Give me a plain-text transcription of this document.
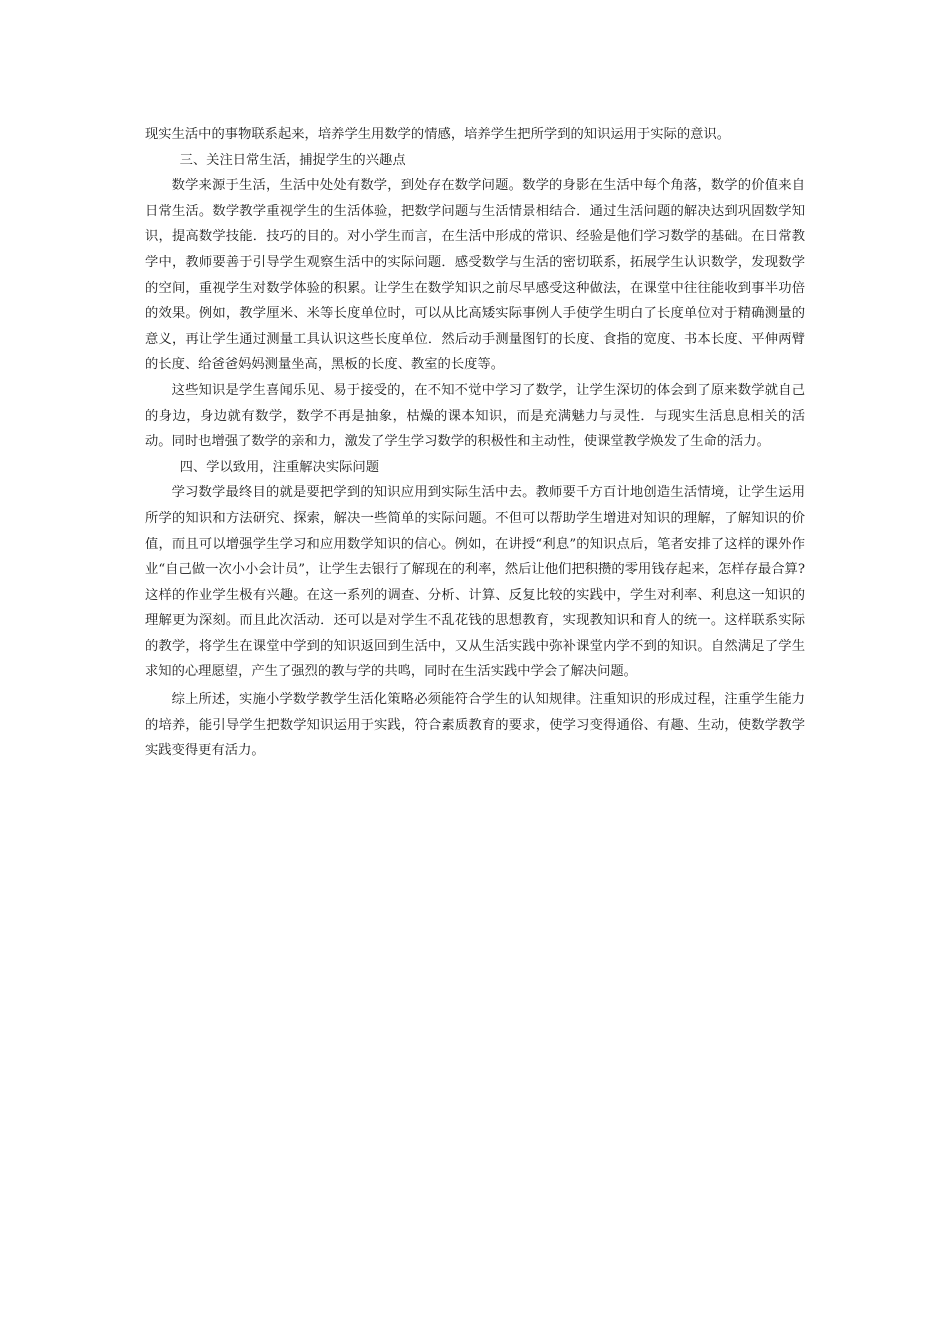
现实生活中的事物联系起来，培养学生用数学的情感，培养学生把所学到的知识运用于实际的意识。

三、关注日常生活，捕捉学生的兴趣点

数学来源于生活，生活中处处有数学，到处存在数学问题。数学的身影在生活中每个角落，数学的价值来自日常生活。数学教学重视学生的生活体验，把数学问题与生活情景相结合．通过生活问题的解决达到巩固数学知识，提高数学技能．技巧的目的。对小学生而言，在生活中形成的常识、经验是他们学习数学的基础。在日常教学中，教师要善于引导学生观察生活中的实际问题．感受数学与生活的密切联系，拓展学生认识数学，发现数学的空间，重视学生对数学体验的积累。让学生在数学知识之前尽早感受这种做法，在课堂中往往能收到事半功倍的效果。例如，教学厘米、米等长度单位时，可以从比高矮实际事例人手使学生明白了长度单位对于精确测量的意义，再让学生通过测量工具认识这些长度单位．然后动手测量图钉的长度、食指的宽度、书本长度、平伸两臂的长度、给爸爸妈妈测量坐高，黑板的长度、教室的长度等。

这些知识是学生喜闻乐见、易于接受的，在不知不觉中学习了数学，让学生深切的体会到了原来数学就自己的身边，身边就有数学，数学不再是抽象，枯燥的课本知识，而是充满魅力与灵性．与现实生活息息相关的活动。同时也增强了数学的亲和力，激发了学生学习数学的积极性和主动性，使课堂教学焕发了生命的活力。

四、学以致用，注重解决实际问题

学习数学最终目的就是要把学到的知识应用到实际生活中去。教师要千方百计地创造生活情境，让学生运用所学的知识和方法研究、探索，解决一些简单的实际问题。不但可以帮助学生增进对知识的理解，了解知识的价值，而且可以增强学生学习和应用数学知识的信心。例如，在讲授“利息”的知识点后，笔者安排了这样的课外作业“自己做一次小小会计员”，让学生去银行了解现在的利率，然后让他们把积攒的零用钱存起来，怎样存最合算?这样的作业学生极有兴趣。在这一系列的调查、分析、计算、反复比较的实践中，学生对利率、利息这一知识的理解更为深刻。而且此次活动．还可以是对学生不乱花钱的思想教育，实现教知识和育人的统一。这样联系实际的教学，将学生在课堂中学到的知识返回到生活中，又从生活实践中弥补课堂内学不到的知识。自然满足了学生求知的心理愿望，产生了强烈的教与学的共鸣，同时在生活实践中学会了解决问题。

综上所述，实施小学数学教学生活化策略必须能符合学生的认知规律。注重知识的形成过程，注重学生能力的培养，能引导学生把数学知识运用于实践，符合素质教育的要求，使学习变得通俗、有趣、生动，使数学教学实践变得更有活力。
